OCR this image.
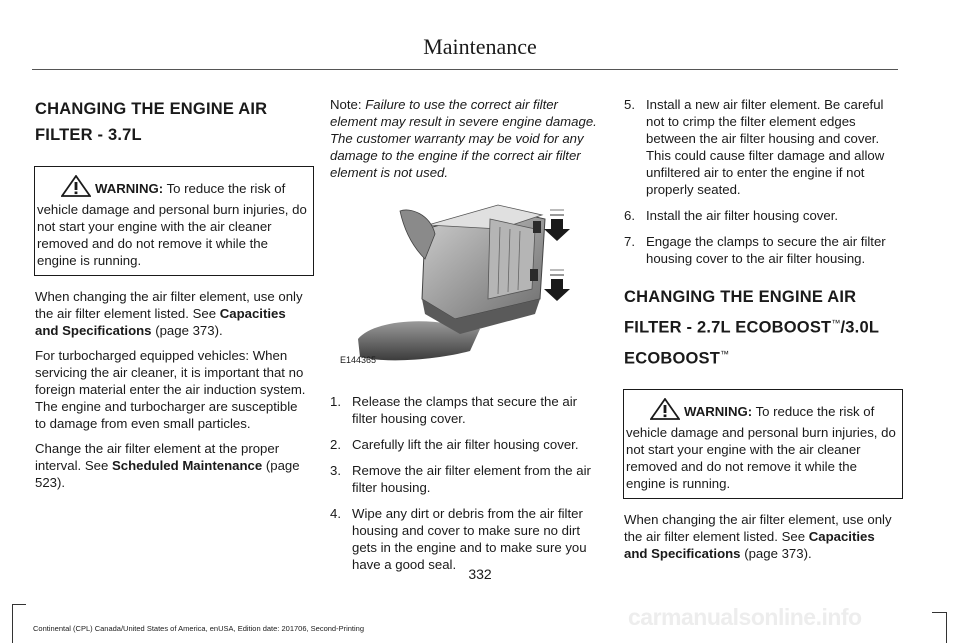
Maintenance
CHANGING THE ENGINE AIR
FILTER - 3.7L
WARNING: To reduce the risk of vehicle damage and personal burn injuries, do not start your engine with the air cleaner removed and do not remove it while the engine is running.

When changing the air filter element, use only the air filter element listed. See Capacities and Specifications (page 373).

For turbocharged equipped vehicles: When servicing the air cleaner, it is important that no foreign material enter the air induction system. The engine and turbocharger are susceptible to damage from even small particles.

Change the air filter element at the proper interval. See Scheduled Maintenance (page 523).

Note: Failure to use the correct air filter element may result in severe engine damage. The customer warranty may be void for any damage to the engine if the correct air filter element is not used.

E144365
1. Release the clamps that secure the air filter housing cover.
2. Carefully lift the air filter housing cover.
3. Remove the air filter element from the air filter housing.
4. Wipe any dirt or debris from the air filter housing and cover to make sure no dirt gets in the engine and to make sure you have a good seal.
5. Install a new air filter element. Be careful not to crimp the filter element edges between the air filter housing and cover. This could cause filter damage and allow unfiltered air to enter the engine if not properly seated.
6. Install the air filter housing cover.
7. Engage the clamps to secure the air filter housing cover to the air filter housing.
CHANGING THE ENGINE AIR
FILTER - 2.7L ECOBOOST™/3.0L
ECOBOOST™
WARNING: To reduce the risk of vehicle damage and personal burn injuries, do not start your engine with the air cleaner removed and do not remove it while the engine is running.

When changing the air filter element, use only the air filter element listed. See Capacities and Specifications (page 373).

332
Continental (CPL) Canada/United States of America, enUSA, Edition date: 201706, Second-Printing	carmanualsonline.info
